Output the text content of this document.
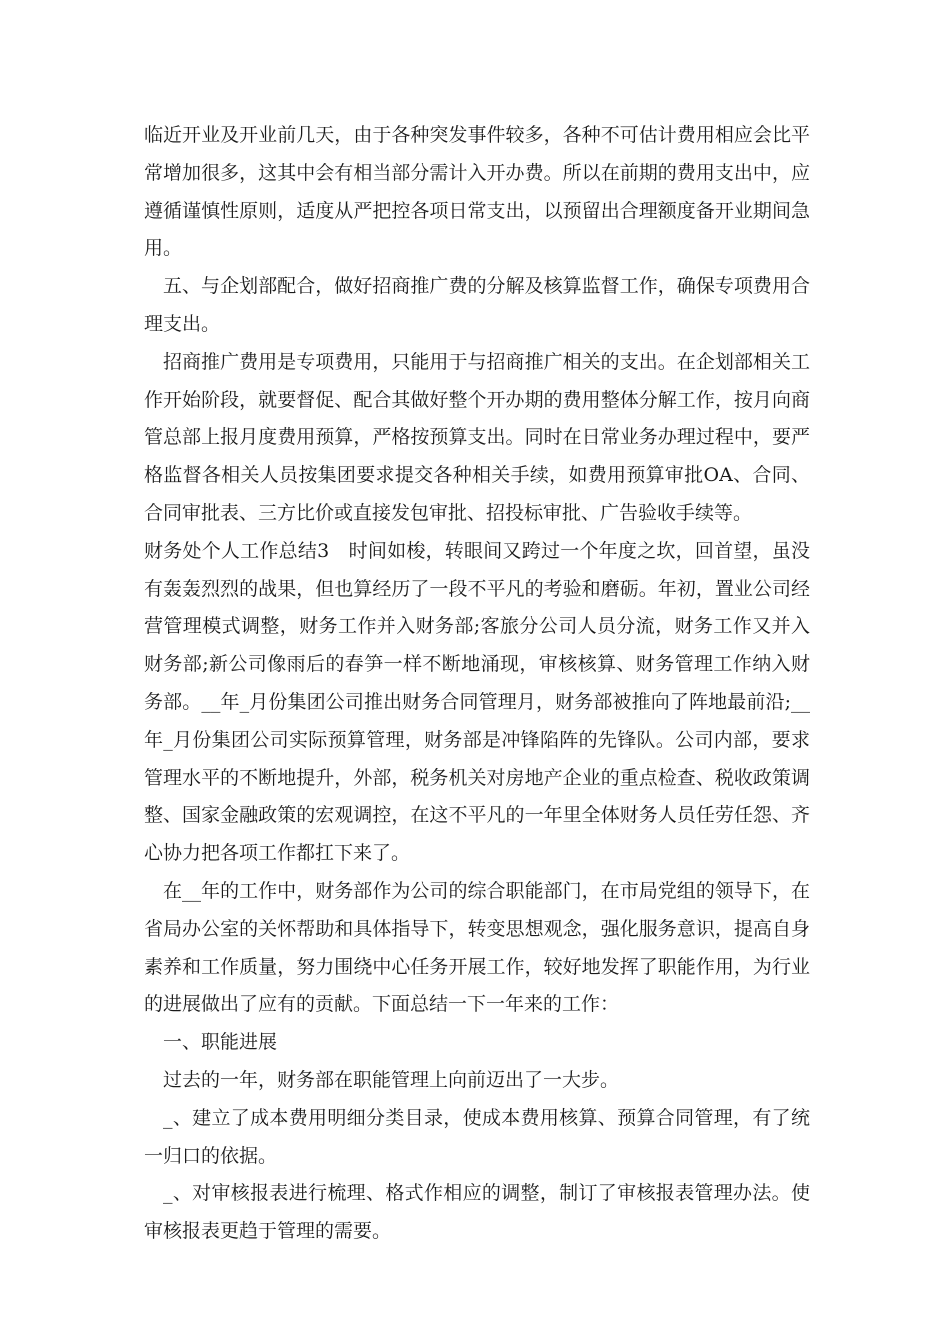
临近开业及开业前几天，由于各种突发事件较多，各种不可估计费用相应会比平常增加很多，这其中会有相当部分需计入开办费。所以在前期的费用支出中，应遵循谨慎性原则，适度从严把控各项日常支出，以预留出合理额度备开业期间急用。

五、与企划部配合，做好招商推广费的分解及核算监督工作，确保专项费用合理支出。

招商推广费用是专项费用，只能用于与招商推广相关的支出。在企划部相关工作开始阶段，就要督促、配合其做好整个开办期的费用整体分解工作，按月向商管总部上报月度费用预算，严格按预算支出。同时在日常业务办理过程中，要严格监督各相关人员按集团要求提交各种相关手续，如费用预算审批OA、合同、合同审批表、三方比价或直接发包审批、招投标审批、广告验收手续等。

财务处个人工作总结3　时间如梭，转眼间又跨过一个年度之坎，回首望，虽没有轰轰烈烈的战果，但也算经历了一段不平凡的考验和磨砺。年初，置业公司经营管理模式调整，财务工作并入财务部;客旅分公司人员分流，财务工作又并入财务部;新公司像雨后的春笋一样不断地涌现，审核核算、财务管理工作纳入财务部。__年_月份集团公司推出财务合同管理月，财务部被推向了阵地最前沿;__年_月份集团公司实际预算管理，财务部是冲锋陷阵的先锋队。公司内部，要求管理水平的不断地提升，外部，税务机关对房地产企业的重点检查、税收政策调整、国家金融政策的宏观调控，在这不平凡的一年里全体财务人员任劳任怨、齐心协力把各项工作都扛下来了。

在__年的工作中，财务部作为公司的综合职能部门，在市局党组的领导下，在省局办公室的关怀帮助和具体指导下，转变思想观念，强化服务意识，提高自身素养和工作质量，努力围绕中心任务开展工作，较好地发挥了职能作用，为行业的进展做出了应有的贡献。下面总结一下一年来的工作：

一、职能进展

过去的一年，财务部在职能管理上向前迈出了一大步。

_、建立了成本费用明细分类目录，使成本费用核算、预算合同管理，有了统一归口的依据。

_、对审核报表进行梳理、格式作相应的调整，制订了审核报表管理办法。使审核报表更趋于管理的需要。
